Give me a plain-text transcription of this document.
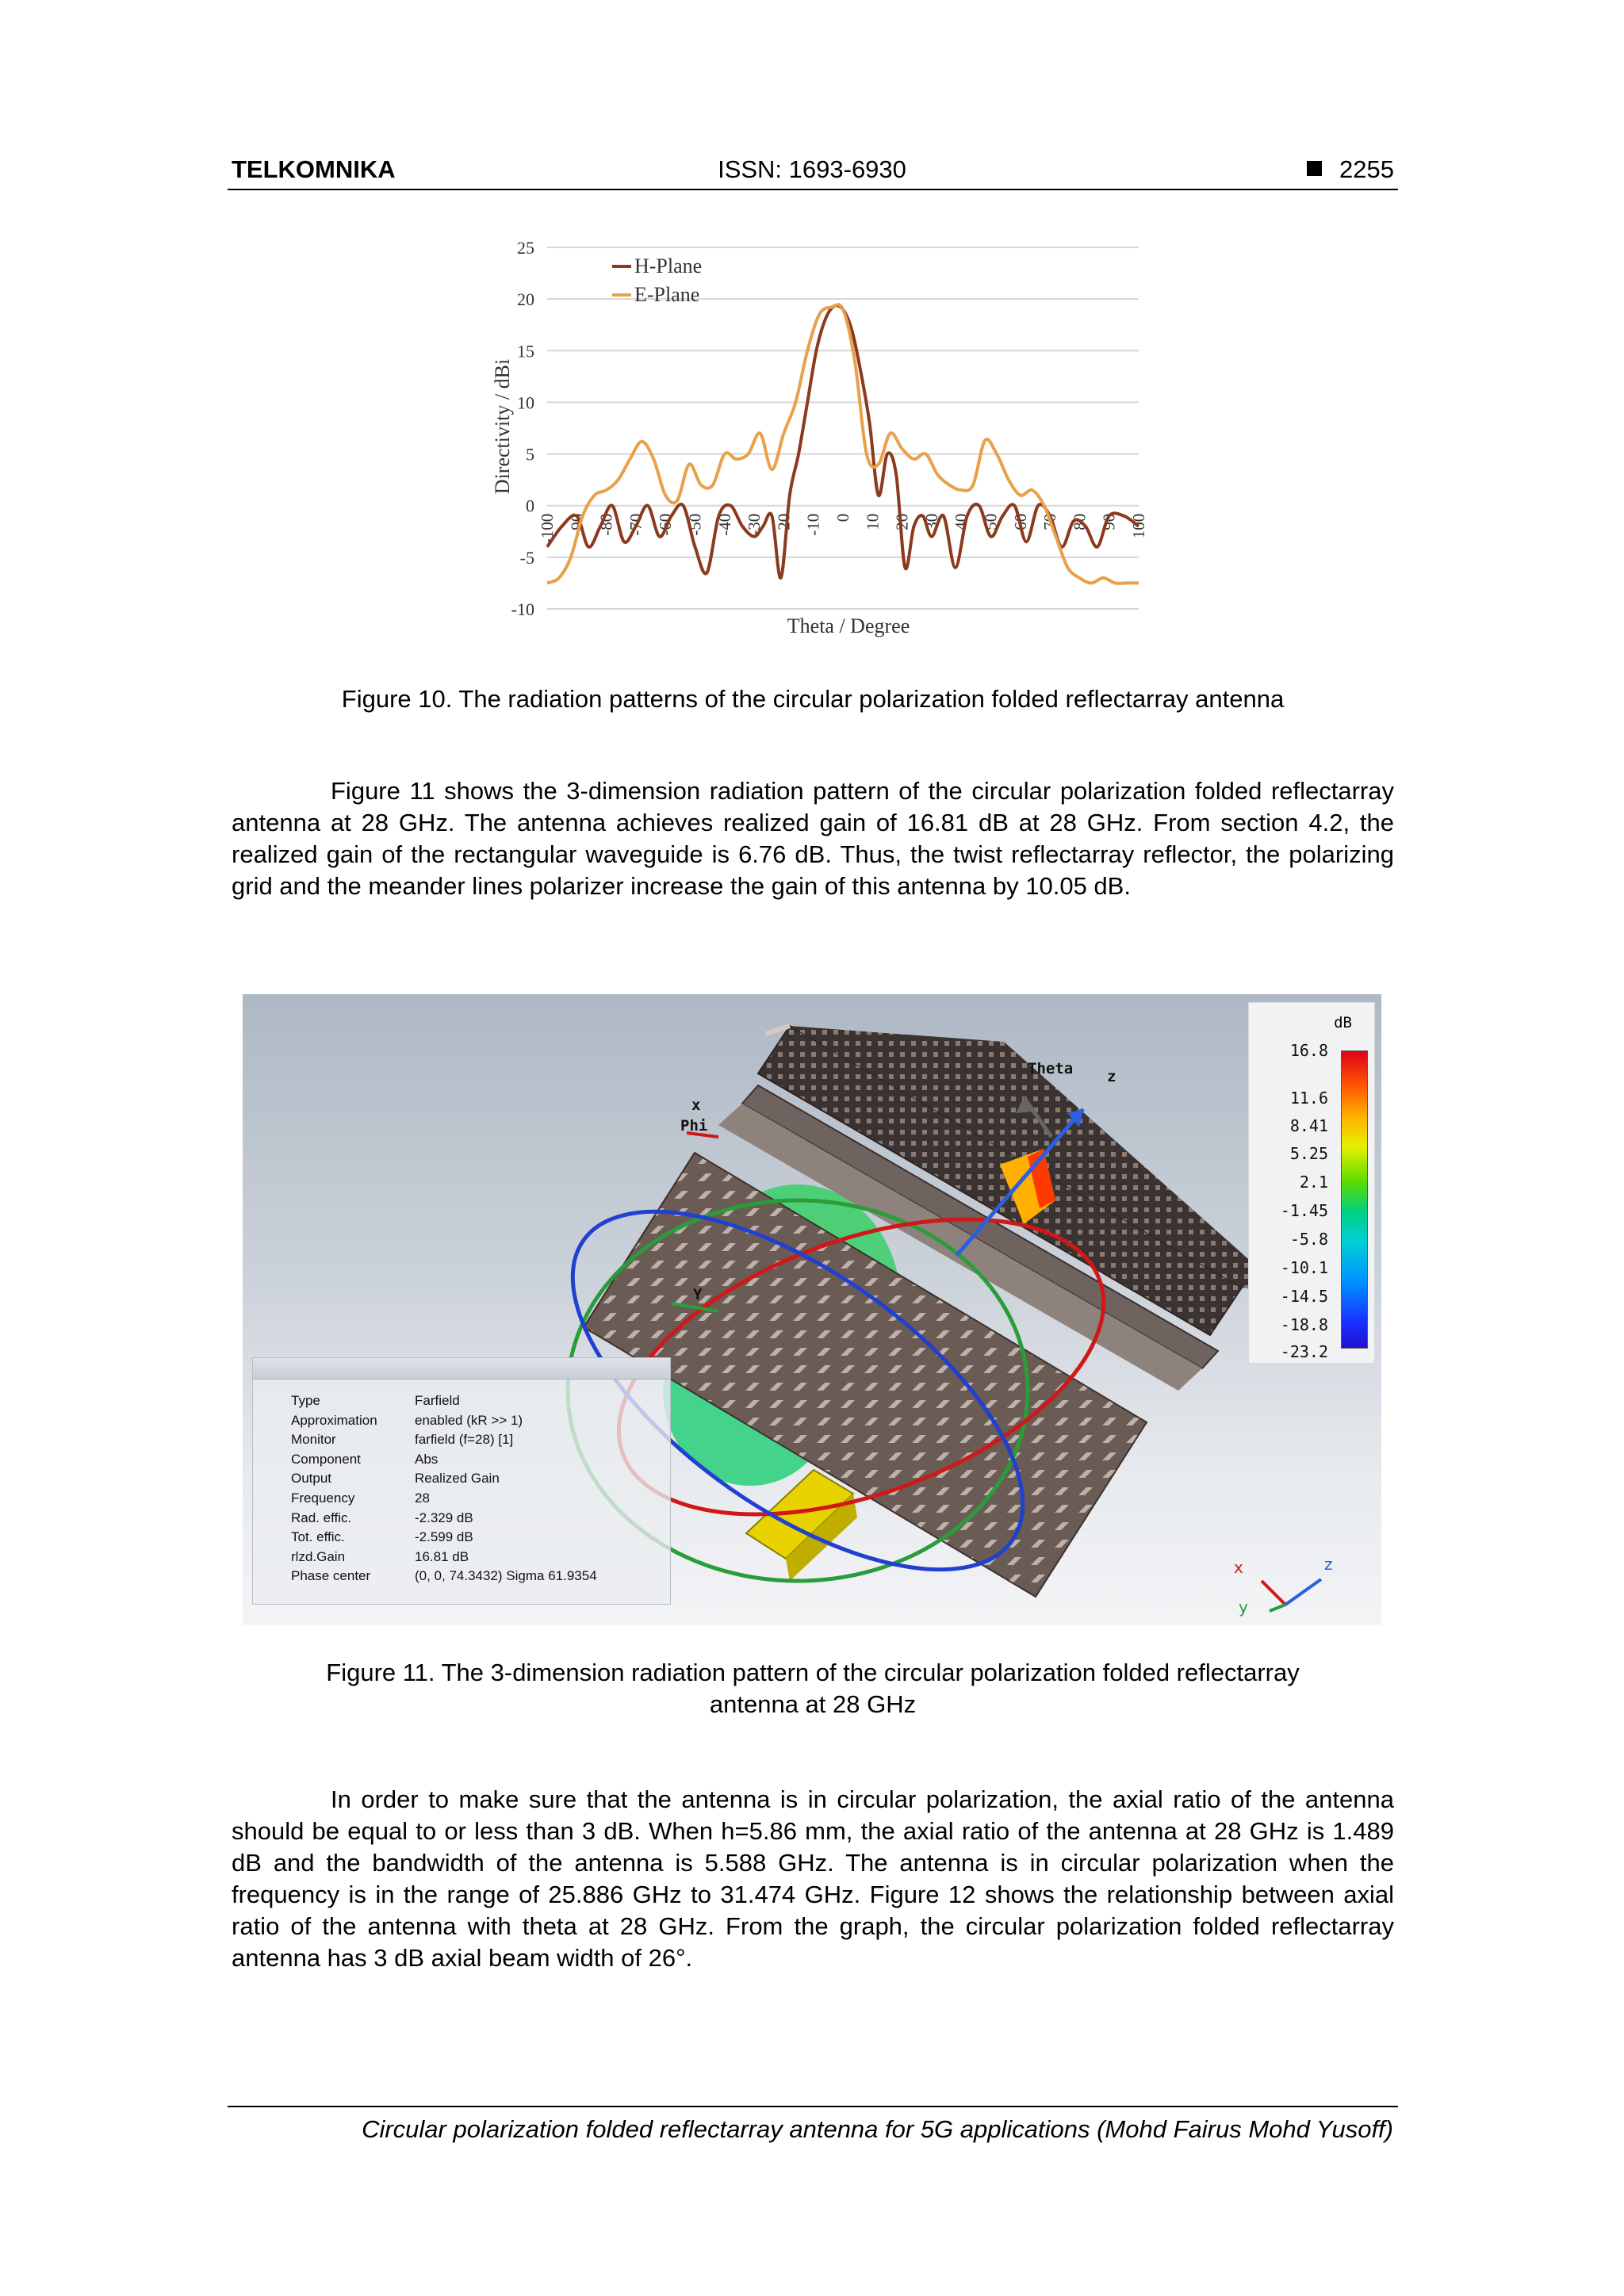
TELKOMNIKA	ISSN: 1693-6930	2255
25
20
15
10
5
0
-5
-10
-100 -90 -80 -70 -60 -50 -40 -30 -20 -10 0 10 20 30 40 50 60 70 80 90 100
H-Plane
E-Plane
Theta / Degree
Directivity / dBi
Figure 10. The radiation patterns of the circular polarization folded reflectarray antenna
Figure 11 shows the 3-dimension radiation pattern of the circular polarization folded reflectarray antenna at 28 GHz. The antenna achieves realized gain of 16.81 dB at 28 GHz. From section 4.2, the realized gain of the rectangular waveguide is 6.76 dB. Thus, the twist reflectarray reflector, the polarizing grid and the meander lines polarizer increase the gain of this antenna by 10.05 dB.
Theta z
x
Phi
Y
x	z
y
dB
16.8
11.6
8.41
5.25
2.1
-1.45
-5.8
-10.1
-14.5
-18.8
-23.2
Type	Farfield
Approximation	enabled (kR >> 1)
Monitor	farfield (f=28) [1]
Component	Abs
Output	Realized Gain
Frequency	28
Rad. effic.	-2.329 dB
Tot. effic.	-2.599 dB
rlzd.Gain	16.81 dB
Phase center	(0, 0, 74.3432) Sigma 61.9354
Figure 11. The 3-dimension radiation pattern of the circular polarization folded reflectarray
antenna at 28 GHz
In order to make sure that the antenna is in circular polarization, the axial ratio of the antenna should be equal to or less than 3 dB. When h=5.86 mm, the axial ratio of the antenna at 28 GHz is 1.489 dB and the bandwidth of the antenna is 5.588 GHz. The antenna is in circular polarization when the frequency is in the range of 25.886 GHz to 31.474 GHz. Figure 12 shows the relationship between axial ratio of the antenna with theta at 28 GHz. From the graph, the circular polarization folded reflectarray antenna has 3 dB axial beam width of 26°.
Circular polarization folded reflectarray antenna for 5G applications (Mohd Fairus Mohd Yusoff)
